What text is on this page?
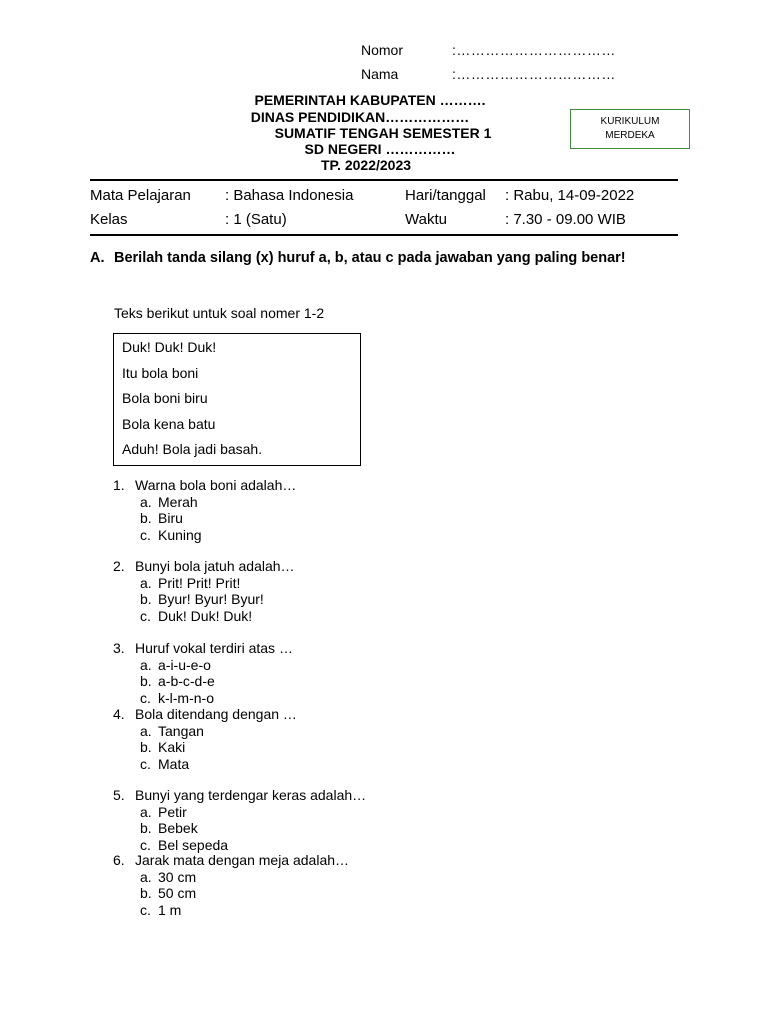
Nomor	:……………………………
Nama	:……………………………
PEMERINTAH KABUPATEN ……….
DINAS PENDIDIKAN………………
SUMATIF TENGAH SEMESTER 1
SD NEGERI ……………
TP. 2022/2023
KURIKULUM
MERDEKA
Mata Pelajaran : Bahasa Indonesia	Hari/tanggal : Rabu, 14-09-2022
Kelas	: 1 (Satu)	Waktu	: 7.30 - 09.00 WIB
A. Berilah tanda silang (x) huruf a, b, atau c pada jawaban yang paling benar!
Teks berikut untuk soal nomer 1-2
Duk! Duk! Duk!
Itu bola boni
Bola boni biru
Bola kena batu
Aduh! Bola jadi basah.
1. Warna bola boni adalah…
a. Merah
b. Biru
c. Kuning
2. Bunyi bola jatuh adalah…
a. Prit! Prit! Prit!
b. Byur! Byur! Byur!
c. Duk! Duk! Duk!
3. Huruf vokal terdiri atas …
a. a-i-u-e-o
b. a-b-c-d-e
c. k-l-m-n-o
4. Bola ditendang dengan …
a. Tangan
b. Kaki
c. Mata
5. Bunyi yang terdengar keras adalah…
a. Petir
b. Bebek
c. Bel sepeda
6. Jarak mata dengan meja adalah…
a. 30 cm
b. 50 cm
c. 1 m
